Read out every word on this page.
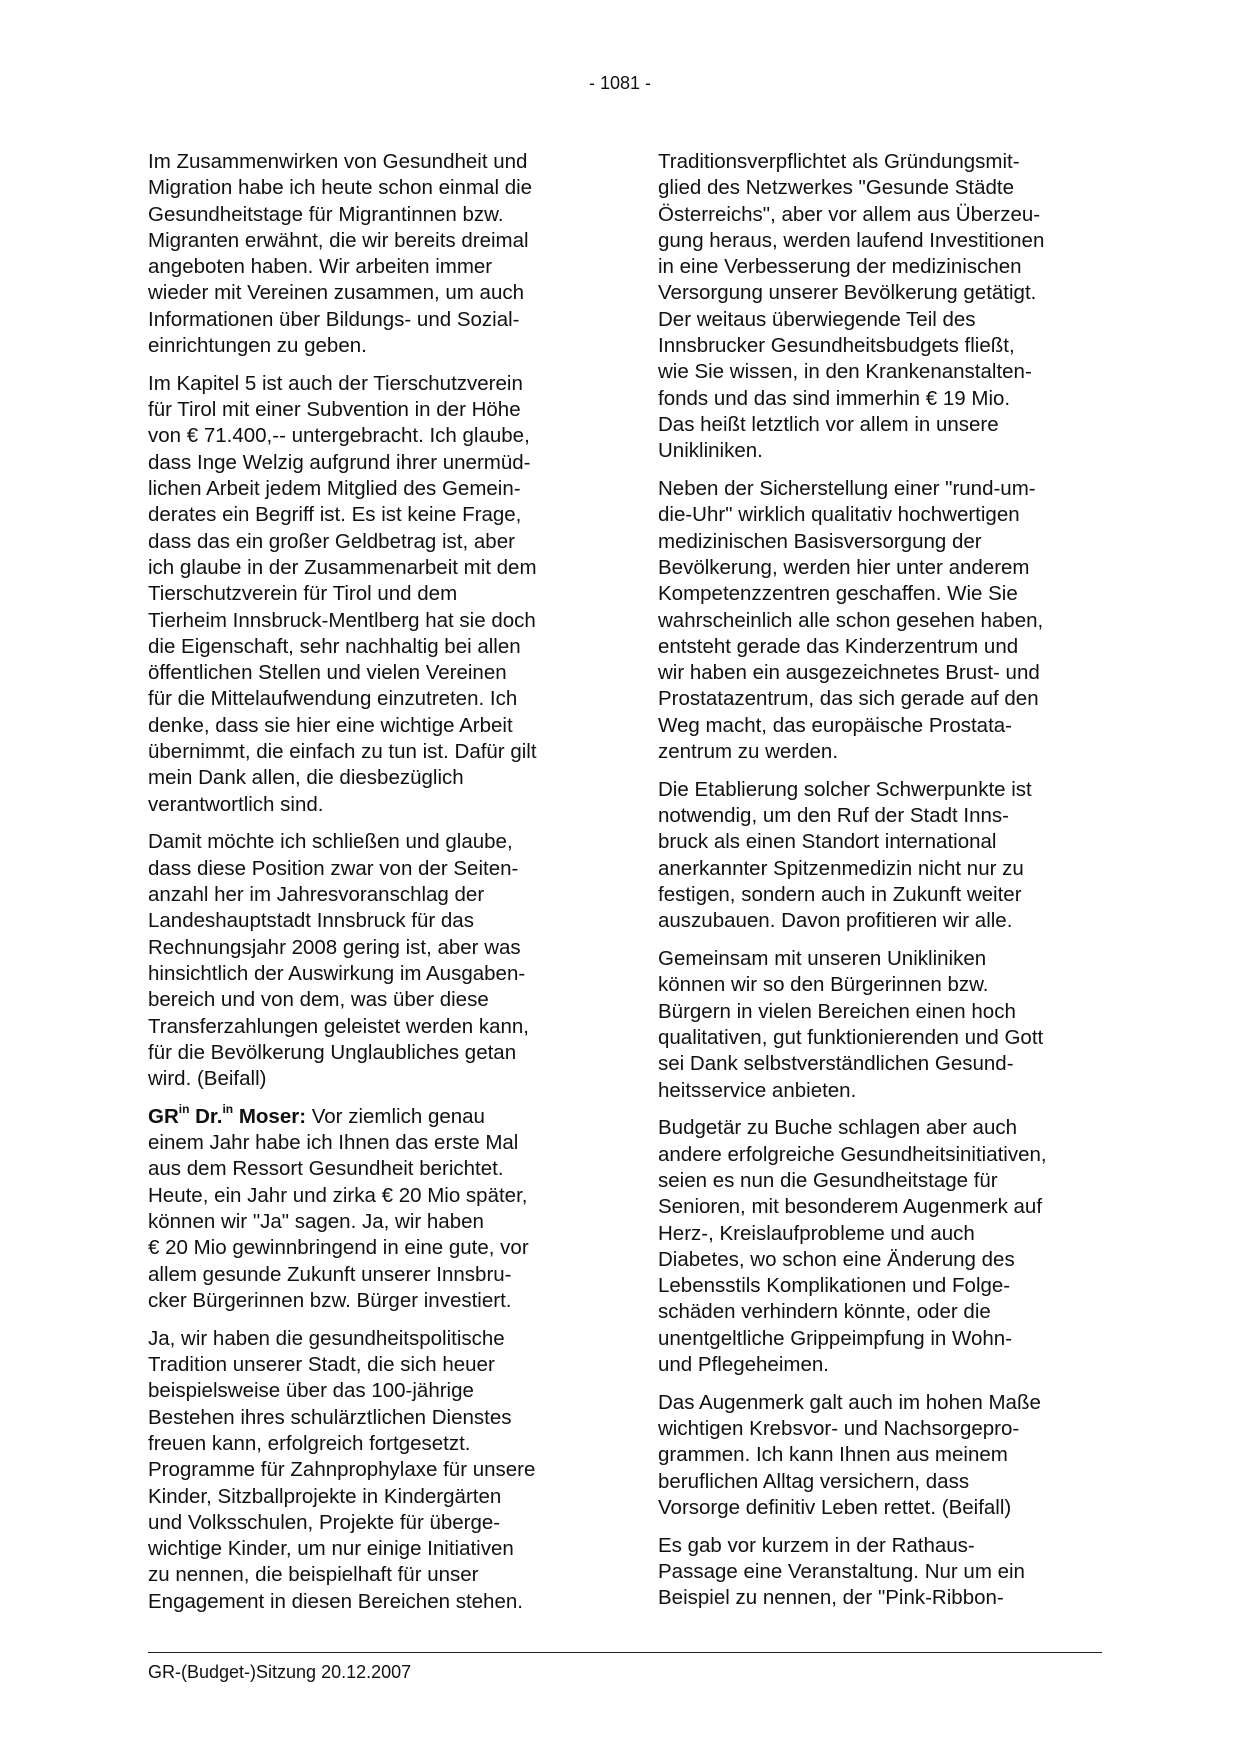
- 1081 -

Im Zusammenwirken von Gesundheit und
Migration habe ich heute schon einmal die
Gesundheitstage für Migrantinnen bzw.
Migranten erwähnt, die wir bereits dreimal
angeboten haben. Wir arbeiten immer
wieder mit Vereinen zusammen, um auch
Informationen über Bildungs- und Sozial-
einrichtungen zu geben.

Im Kapitel 5 ist auch der Tierschutzverein
für Tirol mit einer Subvention in der Höhe
von € 71.400,-- untergebracht. Ich glaube,
dass Inge Welzig aufgrund ihrer unermüd-
lichen Arbeit jedem Mitglied des Gemein-
derates ein Begriff ist. Es ist keine Frage,
dass das ein großer Geldbetrag ist, aber
ich glaube in der Zusammenarbeit mit dem
Tierschutzverein für Tirol und dem
Tierheim Innsbruck-Mentlberg hat sie doch
die Eigenschaft, sehr nachhaltig bei allen
öffentlichen Stellen und vielen Vereinen
für die Mittelaufwendung einzutreten. Ich
denke, dass sie hier eine wichtige Arbeit
übernimmt, die einfach zu tun ist. Dafür gilt
mein Dank allen, die diesbezüglich
verantwortlich sind.

Damit möchte ich schließen und glaube,
dass diese Position zwar von der Seiten-
anzahl her im Jahresvoranschlag der
Landeshauptstadt Innsbruck für das
Rechnungsjahr 2008 gering ist, aber was
hinsichtlich der Auswirkung im Ausgaben-
bereich und von dem, was über diese
Transferzahlungen geleistet werden kann,
für die Bevölkerung Unglaubliches getan
wird. (Beifall)

$GR^{in}$ Dr.$^{in}$ Moser: Vor ziemlich genau
einem Jahr habe ich Ihnen das erste Mal
aus dem Ressort Gesundheit berichtet.
Heute, ein Jahr und zirka € 20 Mio später,
können wir "Ja" sagen. Ja, wir haben
€ 20 Mio gewinnbringend in eine gute, vor
allem gesunde Zukunft unserer Innsbru-
cker Bürgerinnen bzw. Bürger investiert.

Ja, wir haben die gesundheitspolitische
Tradition unserer Stadt, die sich heuer
beispielsweise über das 100-jährige
Bestehen ihres schulärztlichen Dienstes
freuen kann, erfolgreich fortgesetzt.
Programme für Zahnprophylaxe für unsere
Kinder, Sitzballprojekte in Kindergärten
und Volksschulen, Projekte für überge-
wichtige Kinder, um nur einige Initiativen
zu nennen, die beispielhaft für unser
Engagement in diesen Bereichen stehen.

Traditionsverpflichtet als Gründungsmit-
glied des Netzwerkes "Gesunde Städte
Österreichs", aber vor allem aus Überzeu-
gung heraus, werden laufend Investitionen
in eine Verbesserung der medizinischen
Versorgung unserer Bevölkerung getätigt.
Der weitaus überwiegende Teil des
Innsbrucker Gesundheitsbudgets fließt,
wie Sie wissen, in den Krankenanstalten-
fonds und das sind immerhin € 19 Mio.
Das heißt letztlich vor allem in unsere
Unikliniken.

Neben der Sicherstellung einer "rund-um-
die-Uhr" wirklich qualitativ hochwertigen
medizinischen Basisversorgung der
Bevölkerung, werden hier unter anderem
Kompetenzzentren geschaffen. Wie Sie
wahrscheinlich alle schon gesehen haben,
entsteht gerade das Kinderzentrum und
wir haben ein ausgezeichnetes Brust- und
Prostatazentrum, das sich gerade auf den
Weg macht, das europäische Prostata-
zentrum zu werden.

Die Etablierung solcher Schwerpunkte ist
notwendig, um den Ruf der Stadt Inns-
bruck als einen Standort international
anerkannter Spitzenmedizin nicht nur zu
festigen, sondern auch in Zukunft weiter
auszubauen. Davon profitieren wir alle.

Gemeinsam mit unseren Unikliniken
können wir so den Bürgerinnen bzw.
Bürgern in vielen Bereichen einen hoch
qualitativen, gut funktionierenden und Gott
sei Dank selbstverständlichen Gesund-
heitsservice anbieten.

Budgetär zu Buche schlagen aber auch
andere erfolgreiche Gesundheitsinitiativen,
seien es nun die Gesundheitstage für
Senioren, mit besonderem Augenmerk auf
Herz-, Kreislaufprobleme und auch
Diabetes, wo schon eine Änderung des
Lebensstils Komplikationen und Folge-
schäden verhindern könnte, oder die
unentgeltliche Grippeimpfung in Wohn-
und Pflegeheimen.

Das Augenmerk galt auch im hohen Maße
wichtigen Krebsvor- und Nachsorgepro-
grammen. Ich kann Ihnen aus meinem
beruflichen Alltag versichern, dass
Vorsorge definitiv Leben rettet. (Beifall)

Es gab vor kurzem in der Rathaus-
Passage eine Veranstaltung. Nur um ein
Beispiel zu nennen, der "Pink-Ribbon-

GR-(Budget-)Sitzung 20.12.2007
